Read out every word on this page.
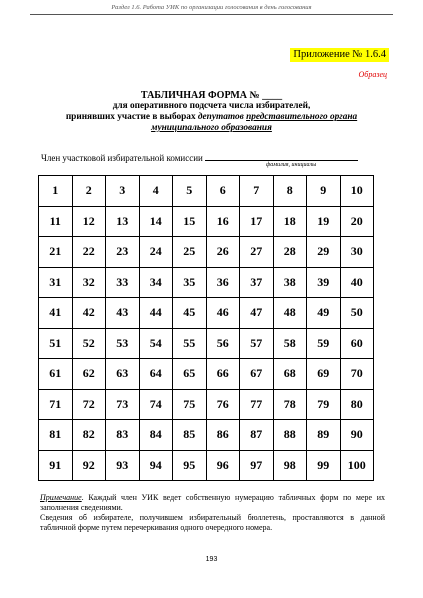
Раздел 1.6. Работа УИК по организации голосования в день голосования
Приложение № 1.6.4
Образец
ТАБЛИЧНАЯ ФОРМА № ____
для оперативного подсчета числа избирателей,
принявших участие в выборах депутатов представительного органа
муниципального образования
Член участковой избирательной комиссии
фамилия, инициалы
1	2	3	4	5	6	7	8	9	10
11	12	13	14	15	16	17	18	19	20
21	22	23	24	25	26	27	28	29	30
31	32	33	34	35	36	37	38	39	40
41	42	43	44	45	46	47	48	49	50
51	52	53	54	55	56	57	58	59	60
61	62	63	64	65	66	67	68	69	70
71	72	73	74	75	76	77	78	79	80
81	82	83	84	85	86	87	88	89	90
91	92	93	94	95	96	97	98	99	100

Примечание. Каждый член УИК ведет собственную нумерацию табличных форм по мере их заполнения сведениями.

Сведения об избирателе, получившем избирательный бюллетень, проставляются в данной табличной форме путем перечеркивания одного очередного номера.

193
